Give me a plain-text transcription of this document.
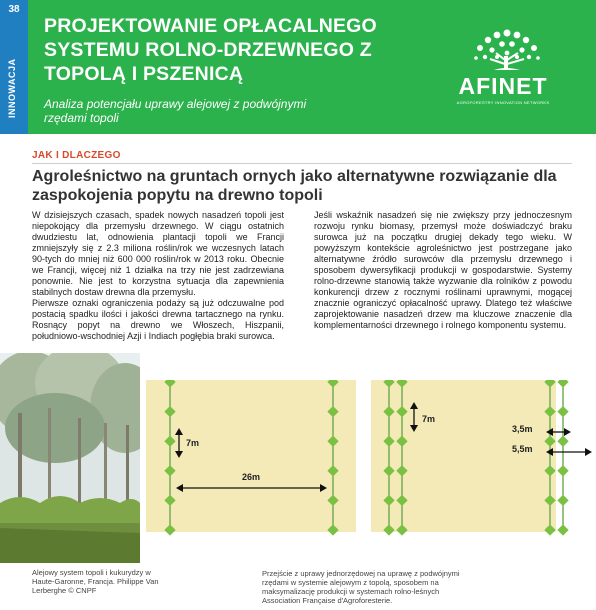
38
INNOWACJA
PROJEKTOWANIE OPŁACALNEGO SYSTEMU ROLNO-DRZEWNEGO Z TOPOLĄ I PSZENICĄ
Analiza potencjału uprawy alejowej z podwójnymi rzędami topoli
AFINET
AGROFORESTRY INNOVATION NETWORKS
JAK I DLACZEGO
Agroleśnictwo na gruntach ornych jako alternatywne rozwiązanie dla zaspokojenia popytu na drewno topoli

W dzisiejszych czasach, spadek nowych nasadzeń topoli jest niepokojący dla przemysłu drzewnego. W ciągu ostatnich dwudziestu lat, odnowienia plantacji topoli we Francji zmniejszyły się z 2.3 miliona roślin/rok we wczesnych latach 90-tych do mniej niż 600 000 roślin/rok w 2013 roku. Obecnie we Francji, więcej niż 1 działka na trzy nie jest zadrzewiana ponownie. Nie jest to korzystna sytuacja dla zapewnienia stabilnych dostaw drewna dla przemysłu.

Pierwsze oznaki ograniczenia podaży są już odczuwalne pod postacią spadku ilości i jakości drewna tartacznego na rynku. Rosnący popyt na drewno we Włoszech, Hiszpanii, południowo-wschodniej Azji i Indiach pogłębia braki surowca.

Jeśli wskaźnik nasadzeń się nie zwiększy przy jednoczesnym rozwoju rynku biomasy, przemysł może doświadczyć braku surowca już na początku drugiej dekady tego wieku. W powyższym kontekście agroleśnictwo jest postrzegane jako alternatywne źródło surowców dla przemysłu drzewnego i sposobem dywersyfikacji produkcji w gospodarstwie. Systemy rolno-drzewne stanowią także wyzwanie dla rolników z powodu konkurencji drzew z rocznymi roślinami uprawnymi, mogącej znacznie ograniczyć opłacalność uprawy. Dlatego też właściwe zaprojektowanie nasadzeń drzew ma kluczowe znaczenie dla komplementarności drzewnego i rolnego komponentu systemu.

7m
26m
7m
3,5m
5,5m
Alejowy system topoli i kukurydzy w Haute-Garonne, Francja. Philippe Van Lerberghe © CNPF
Przejście z uprawy jednorzędowej na uprawę z podwójnymi rzędami w systemie alejowym z topolą, sposobem na maksymalizację produkcji w systemach rolno-leśnych Association Française d'Agroforesterie.
